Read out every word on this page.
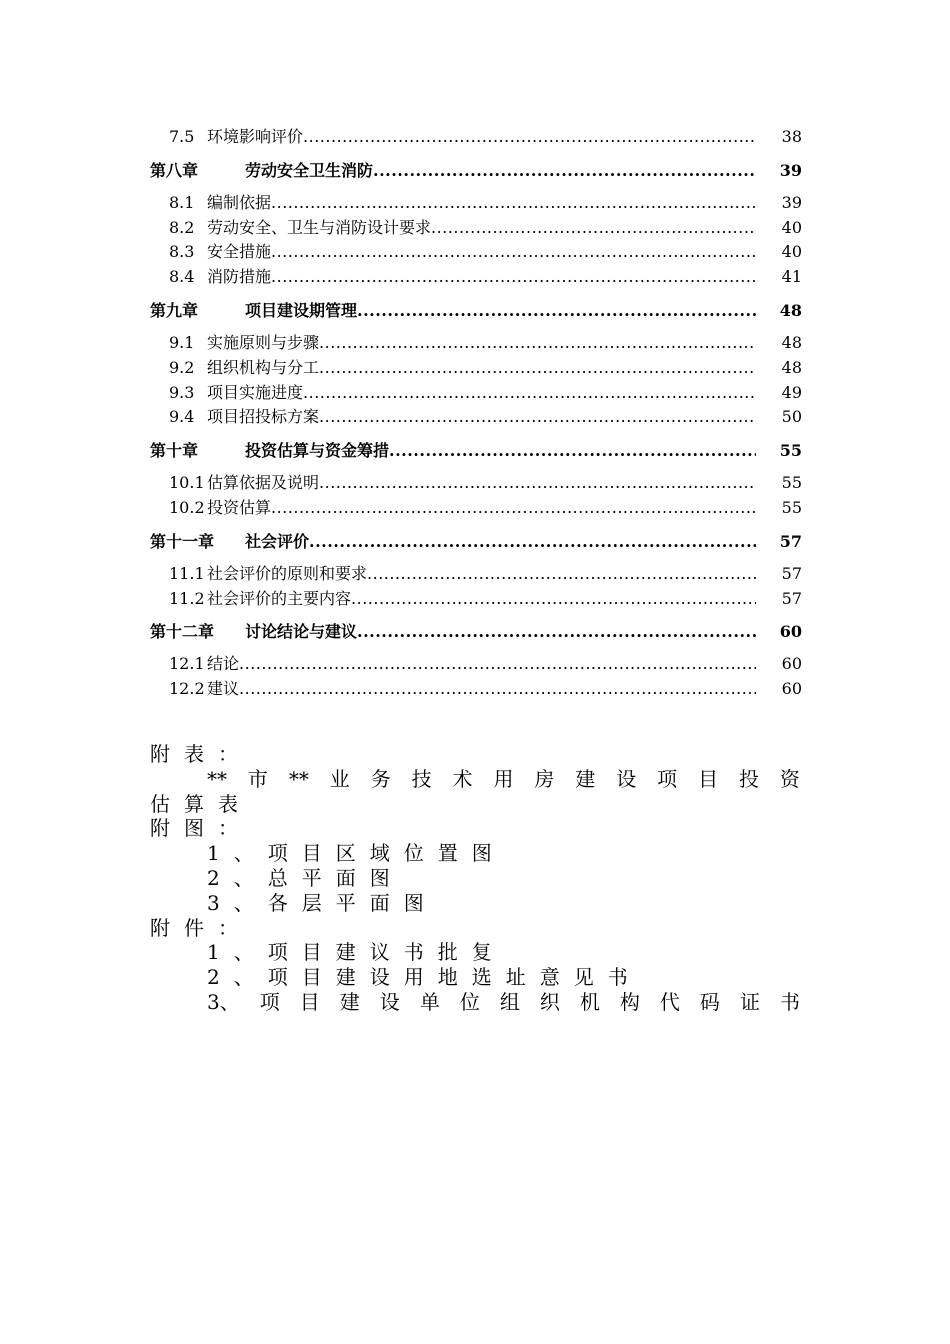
7.5 环境影响评价 .....	38
第八章	劳动安全卫生消防 .....	39
8.1 编制依据 .....	39
8.2 劳动安全、卫生与消防设计要求 .....	40
8.3 安全措施 .....	40
8.4 消防措施 .....	41
第九章	项目建设期管理 .....	48
9.1 实施原则与步骤 .....	48
9.2 组织机构与分工 .....	48
9.3 项目实施进度 .....	49
9.4 项目招投标方案 .....	50
第十章	投资估算与资金筹措 .....	55
10.1 估算依据及说明 .....	55
10.2 投资估算 .....	55
第十一章	社会评价 .....	57
11.1 社会评价的原则和要求 .....	57
11.2 社会评价的主要内容 .....	57
第十二章	讨论结论与建议 .....	60
12.1 结论 .....	60
12.2 建议 .....	60
附表：
** 市 ** 业 务 技 术 用 房 建 设 项 目 投 资
估算表
附图：
1、项目区域位置图
2、总平面图
3、各层平面图
附件：
1、项目建议书批复
2、项目建设用地选址意见书
3、 项 目 建 设 单 位 组 织 机 构 代 码 证 书
